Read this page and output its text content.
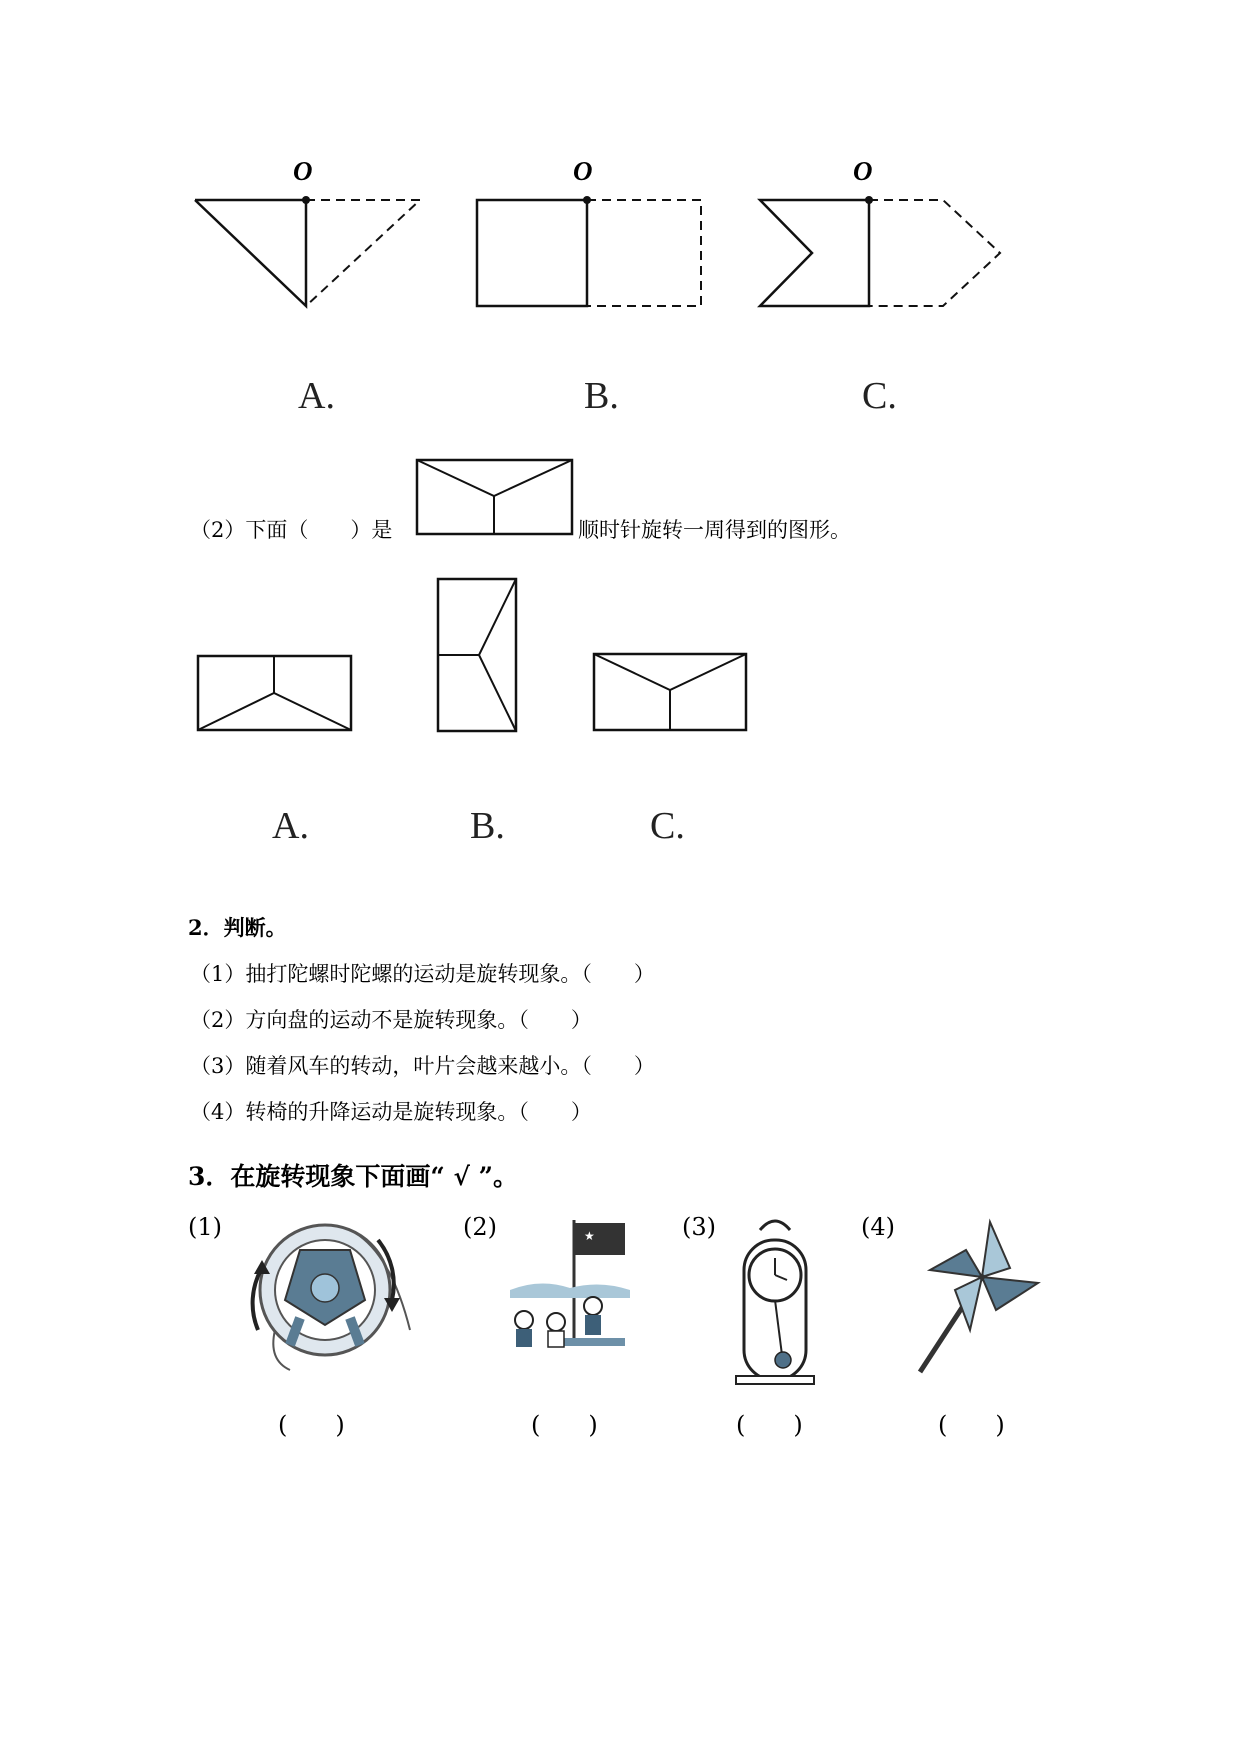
O	O	O
A.	B.	C.
（2）下面（　　）是	顺时针旋转一周得到的图形。
A.	B.	C.
2．判断。
（1）抽打陀螺时陀螺的运动是旋转现象。（　　）
（2）方向盘的运动不是旋转现象。（　　）
（3）随着风车的转动，叶片会越来越小。（　　）
（4）转椅的升降运动是旋转现象。（　　）
3．在旋转现象下面画“ √ ”。
(1)	(2)	(3)	(4)
★
(　　)	(　　)	(　　)	(　　)
